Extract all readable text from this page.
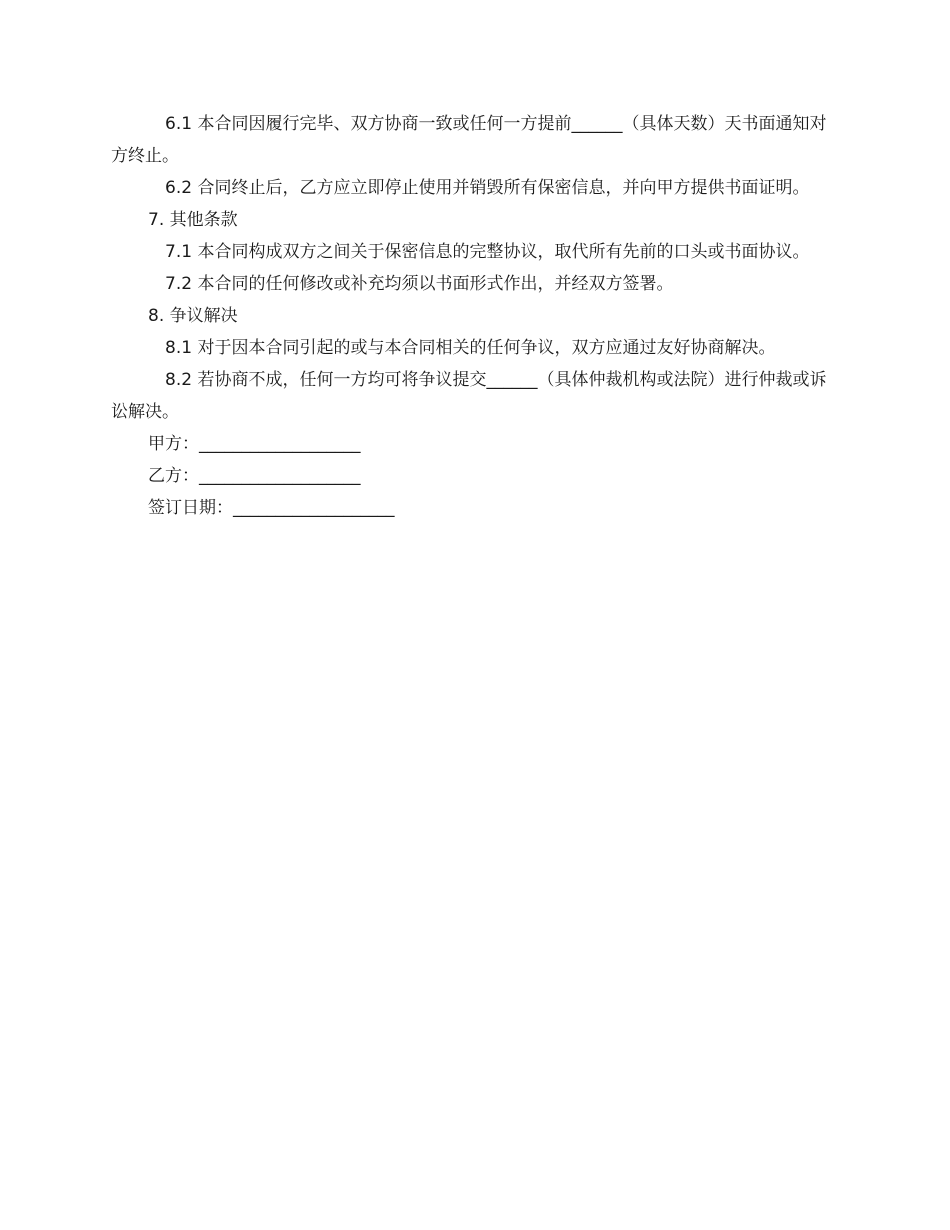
6.1 本合同因履行完毕、双方协商一致或任何一方提前______（具体天数）天书面通知对方终止。

6.2 合同终止后，乙方应立即停止使用并销毁所有保密信息，并向甲方提供书面证明。

7. 其他条款

7.1 本合同构成双方之间关于保密信息的完整协议，取代所有先前的口头或书面协议。

7.2 本合同的任何修改或补充均须以书面形式作出，并经双方签署。

8. 争议解决

8.1 对于因本合同引起的或与本合同相关的任何争议，双方应通过友好协商解决。

8.2 若协商不成，任何一方均可将争议提交______（具体仲裁机构或法院）进行仲裁或诉讼解决。

甲方：___________________

乙方：___________________

签订日期：___________________
